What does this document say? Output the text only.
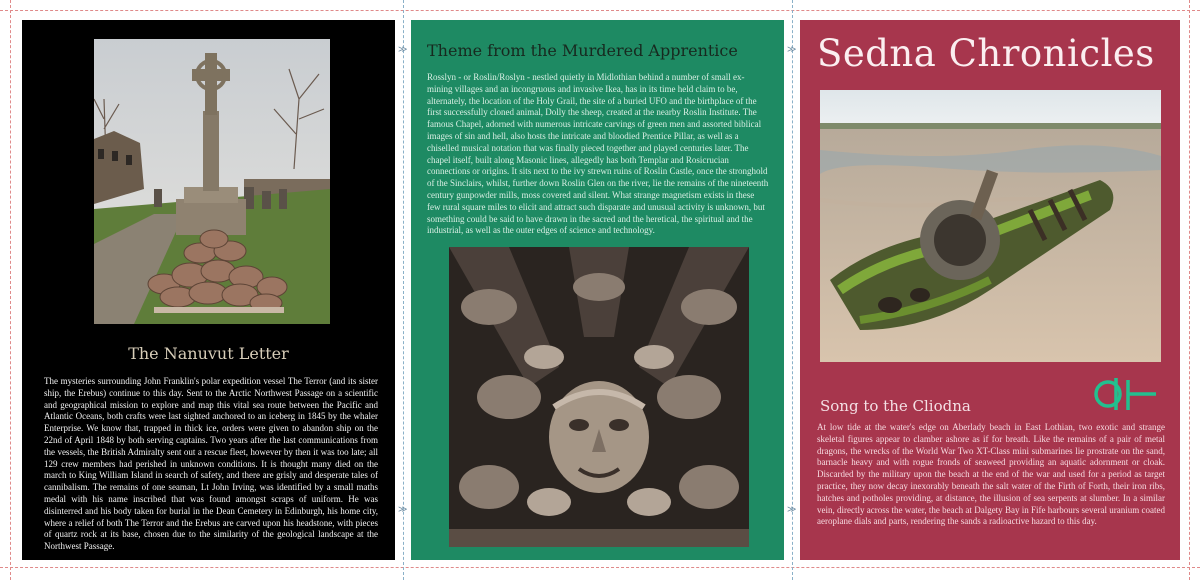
≫
≫
≫
≫
The Nanuvut Letter

The mysteries surrounding John Franklin's polar expedition vessel The Terror (and its sister ship, the Erebus) continue to this day. Sent to the Arctic Northwest Passage on a scientific and geographical mission to explore and map this vital sea route between the Pacific and Atlantic Oceans, both crafts were last sighted anchored to an iceberg in 1845 by the whaler Enterprise. We know that, trapped in thick ice, orders were given to abandon ship on the 22nd of April 1848 by both serving captains. Two years after the last communications from the vessels, the British Admiralty sent out a rescue fleet, however by then it was too late; all 129 crew members had perished in unknown conditions. It is thought many died on the march to King William Island in search of safety, and there are grisly and desperate tales of cannibalism. The remains of one seaman, Lt John Irving, was identified by a small maths medal with his name inscribed that was found amongst scraps of uniform. He was disinterred and his body taken for burial in the Dean Cemetery in Edinburgh, his home city, where a relief of both The Terror and the Erebus are carved upon his headstone, with pieces of quartz rock at its base, chosen due to the similarity of the geological landscape at the Northwest Passage.

Theme from the Murdered Apprentice

Rosslyn - or Roslin/Roslyn - nestled quietly in Midlothian behind a number of small ex-mining villages and an incongruous and invasive Ikea, has in its time held claim to be, alternately, the location of the Holy Grail, the site of a buried UFO and the birthplace of the first successfully cloned animal, Dolly the sheep, created at the nearby Roslin Institute. The famous Chapel, adorned with numerous intricate carvings of green men and assorted biblical images of sin and hell, also hosts the intricate and bloodied Prentice Pillar, as well as a chiselled musical notation that was finally pieced together and played centuries later. The chapel itself, built along Masonic lines, allegedly has both Templar and Rosicrucian connections or origins. It sits next to the ivy strewn ruins of Roslin Castle, once the stronghold of the Sinclairs, whilst, further down Roslin Glen on the river, lie the remains of the nineteenth century gunpowder mills, moss covered and silent. What strange magnetism exists in these few rural square miles to elicit and attract such disparate and unusual activity is unknown, but something could be said to have drawn in the sacred and the heretical, the spiritual and the industrial, as well as the outer edges of science and technology.

Sedna Chronicles
Song to the Cliodna

At low tide at the water's edge on Aberlady beach in East Lothian, two exotic and strange skeletal figures appear to clamber ashore as if for breath. Like the remains of a pair of metal dragons, the wrecks of the World War Two XT-Class mini submarines lie prostrate on the sand, barnacle heavy and with rogue fronds of seaweed providing an aquatic adornment or cloak. Discarded by the military upon the beach at the end of the war and used for a period as target practice, they now decay inexorably beneath the salt water of the Firth of Forth, their iron ribs, hatches and potholes providing, at distance, the illusion of sea serpents at slumber. In a similar vein, directly across the water, the beach at Dalgety Bay in Fife harbours several uranium coated aeroplane dials and parts, rendering the sands a radioactive hazard to this day.
